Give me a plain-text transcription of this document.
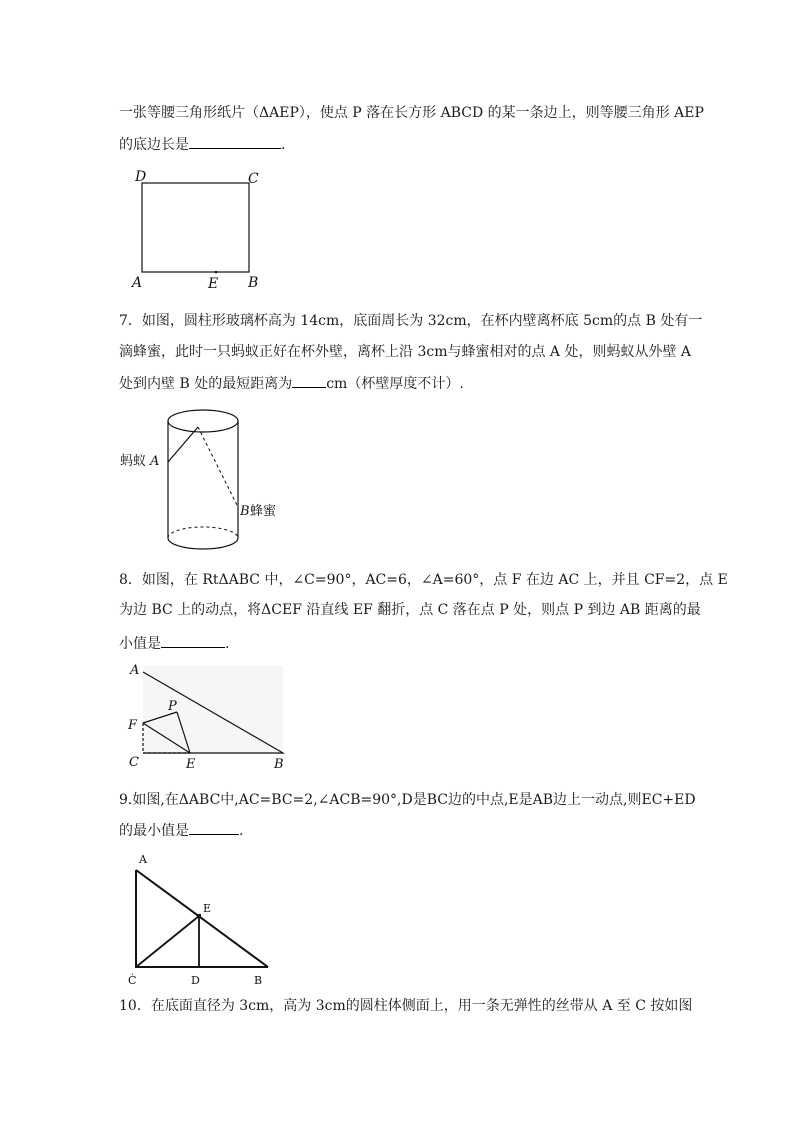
一张等腰三角形纸片（ΔAEP），使点 P 落在长方形 ABCD 的某一条边上，则等腰三角形 AEP
的底边长是	.
D	C
A	E B
7．如图，圆柱形玻璃杯高为 14cm，底面周长为 32cm，在杯内壁离杯底 5cm的点 B 处有一
滴蜂蜜，此时一只蚂蚁正好在杯外壁，离杯上沿 3cm与蜂蜜相对的点 A 处，则蚂蚁从外壁 A
处到内壁 B 处的最短距离为 cm（杯壁厚度不计）.
蚂蚁 A
B 蜂蜜
8．如图，在 RtΔABC 中，∠C=90°，AC=6，∠A=60°，点 F 在边 AC 上，并且 CF=2，点 E
为边 BC 上的动点，将ΔCEF 沿直线 EF 翻折，点 C 落在点 P 处，则点 P 到边 AB 距离的最
小值是	.
A
P
F
C	E	B
9.如图,在ΔABC中,AC=BC=2,∠ACB=90°,D是BC边的中点,E是AB边上一动点,则EC+ED
的最小值是	.
A
E
Ċ	D	B
10．在底面直径为 3cm，高为 3cm的圆柱体侧面上，用一条无弹性的丝带从 A 至 C 按如图
